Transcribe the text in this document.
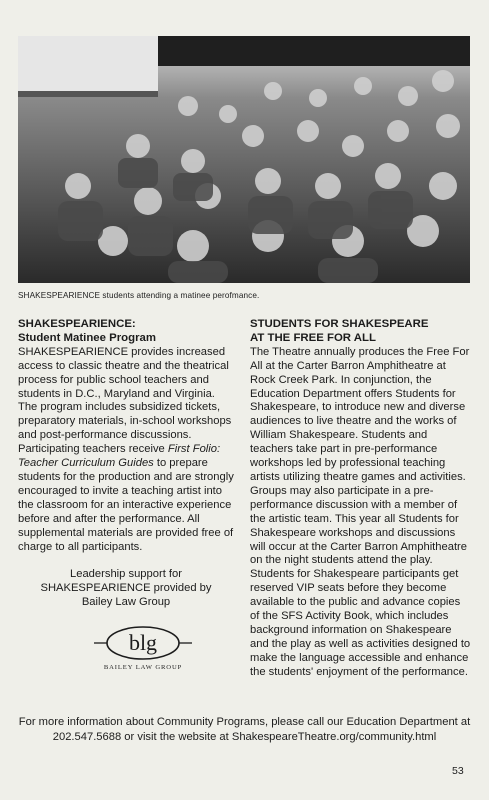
SHAKESPEARIENCE students attending a matinee perofmance.

SHAKESPEARIENCE:
Student Matinee Program

SHAKESPEARIENCE provides increased access to classic theatre and the theatrical process for public school teachers and students in D.C., Maryland and Virginia. The program includes subsidized tickets, preparatory materials, in-school workshops and post-performance discussions. Participating teachers receive First Folio: Teacher Curriculum Guides to prepare students for the production and are strongly encouraged to invite a teaching artist into the classroom for an interactive experience before and after the performance. All supplemental materials are provided free of charge to all participants.

Leadership support for
SHAKESPEARIENCE provided by
Bailey Law Group
blg
BAILEY LAW GROUP

STUDENTS FOR SHAKESPEARE
AT THE FREE FOR ALL

The Theatre annually produces the Free For All at the Carter Barron Amphitheatre at Rock Creek Park. In conjunction, the Education Department offers Students for Shakespeare, to introduce new and diverse audiences to live theatre and the works of William Shakespeare. Students and teachers take part in pre-performance workshops led by professional teaching artists utilizing theatre games and activities. Groups may also participate in a pre-performance discussion with a member of the artistic team. This year all Students for Shakespeare workshops and discussions will occur at the Carter Barron Amphitheatre on the night students attend the play. Students for Shakespeare participants get reserved VIP seats before they become available to the public and advance copies of the SFS Activity Book, which includes background information on Shakespeare and the play as well as activities designed to make the language accessible and enhance the students' enjoyment of the performance.

For more information about Community Programs, please call our Education Department at
202.547.5688 or visit the website at ShakespeareTheatre.org/community.html
53
